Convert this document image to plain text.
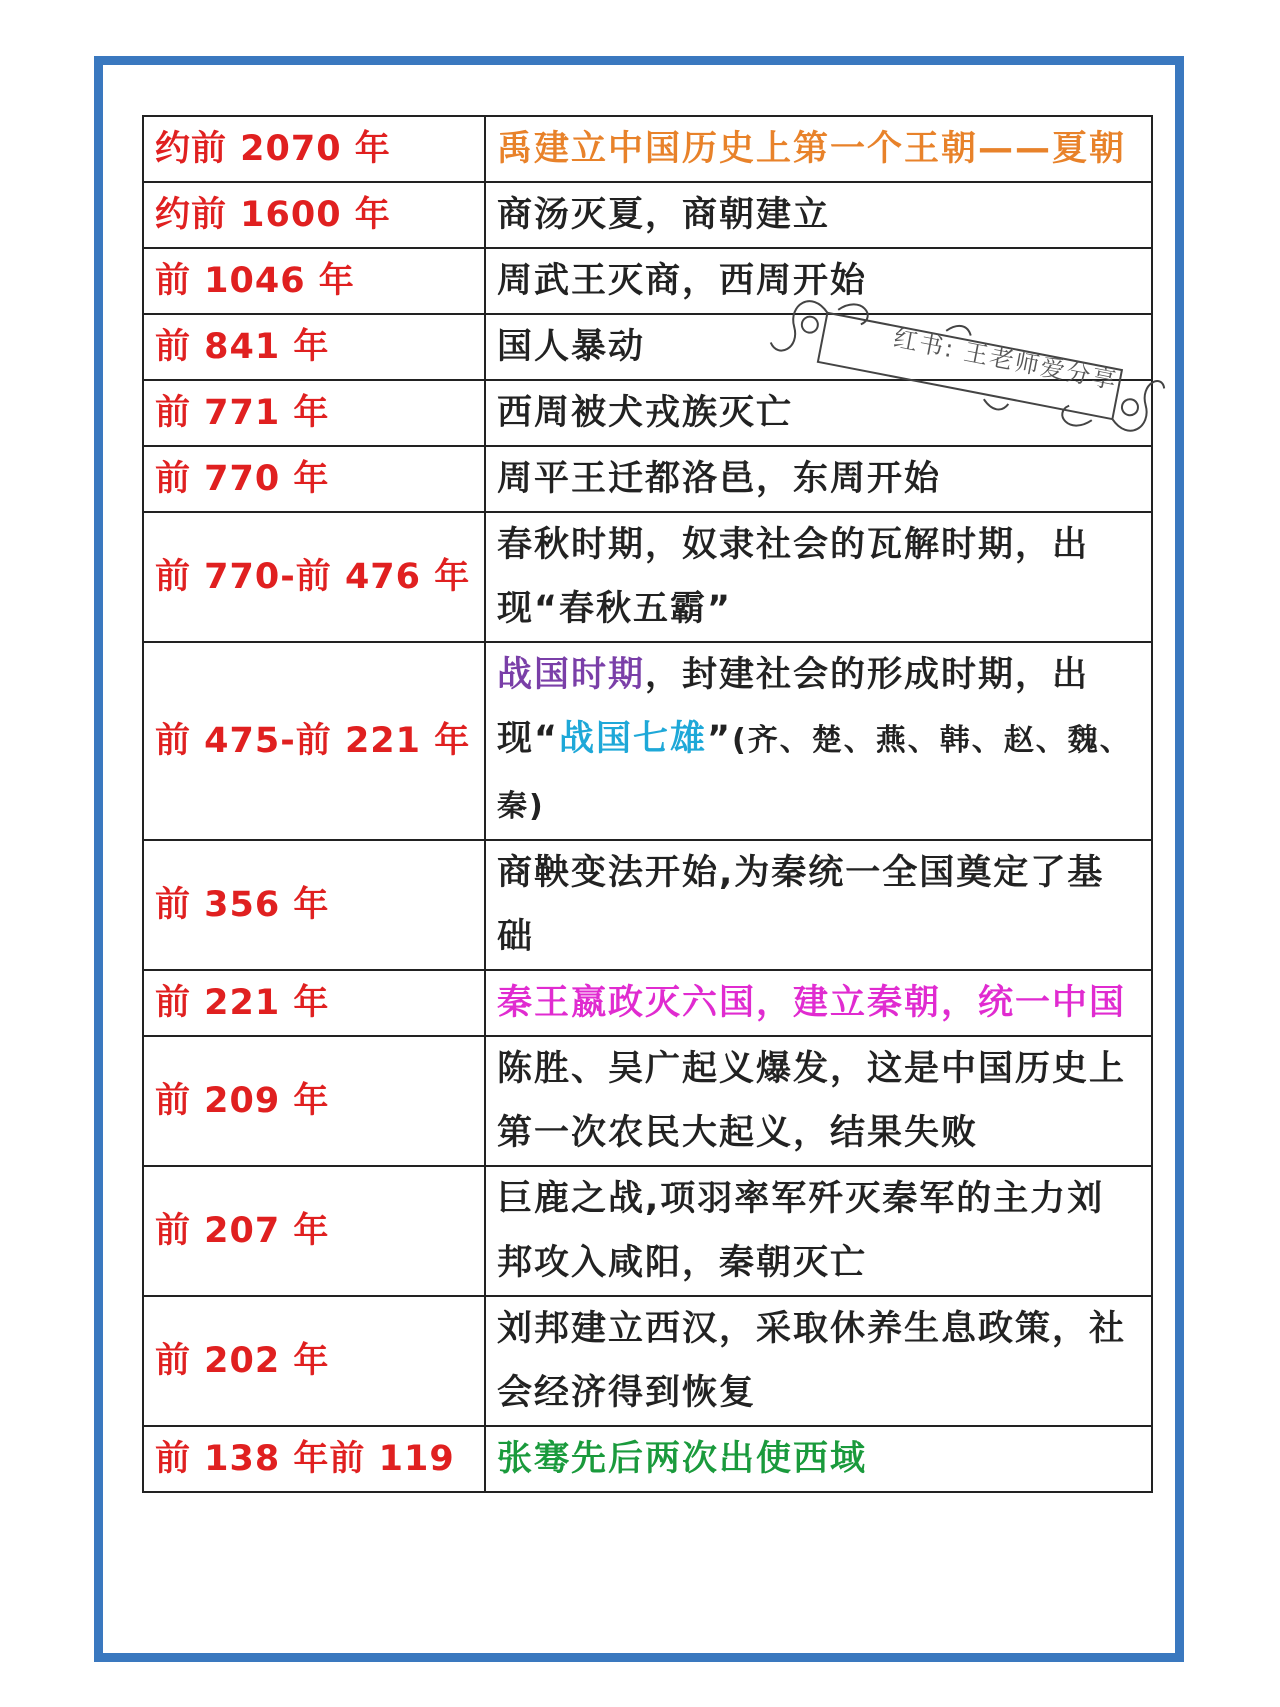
约前 2070 年	禹建立中国历史上第一个王朝——夏朝
约前 1600 年	商汤灭夏，商朝建立
前 1046 年	周武王灭商，西周开始
前 841 年	国人暴动
前 771 年	西周被犬戎族灭亡
前 770 年	周平王迁都洛邑，东周开始
前 770-前 476 年	春秋时期，奴隶社会的瓦解时期，出现“春秋五霸”
前 475-前 221 年	战国时期，封建社会的形成时期，出现“战国七雄”(齐、楚、燕、韩、赵、魏、秦)
前 356 年	商鞅变法开始,为秦统一全国奠定了基础
前 221 年	秦王嬴政灭六国，建立秦朝，统一中国
前 209 年	陈胜、吴广起义爆发，这是中国历史上第一次农民大起义，结果失败
前 207 年	巨鹿之战,项羽率军歼灭秦军的主力刘邦攻入咸阳，秦朝灭亡
前 202 年	刘邦建立西汉，采取休养生息政策，社会经济得到恢复
前 138 年前 119	张骞先后两次出使西域
红书: 王老师爱分享
